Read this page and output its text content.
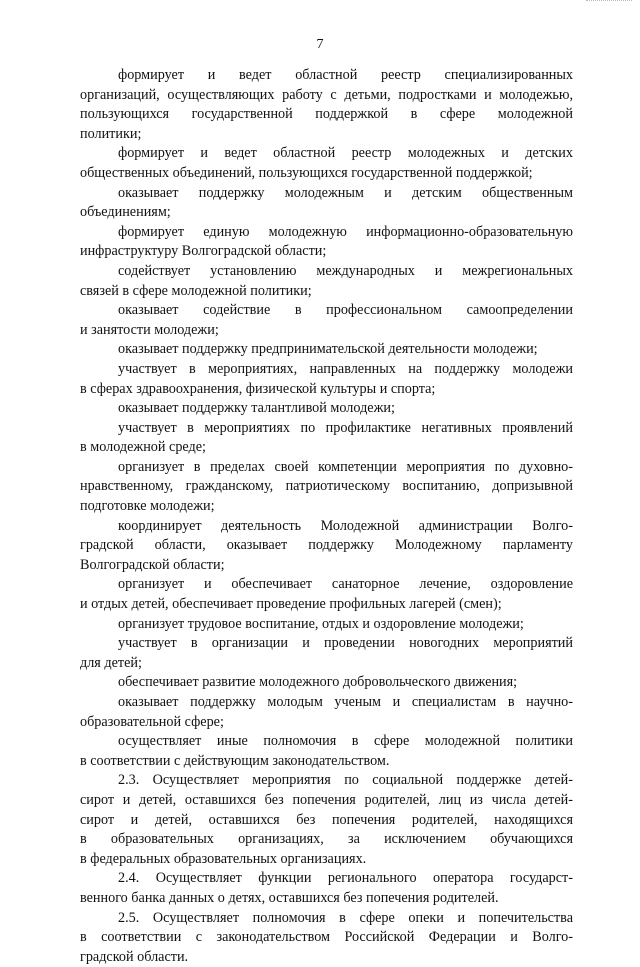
7
формирует и ведет областной реестр специализированных
организаций, осуществляющих работу с детьми, подростками и молодежью,
пользующихся государственной поддержкой в сфере молодежной
политики;
формирует и ведет областной реестр молодежных и детских
общественных объединений, пользующихся государственной поддержкой;
оказывает поддержку молодежным и детским общественным
объединениям;
формирует единую молодежную информационно-образовательную
инфраструктуру Волгоградской области;
содействует установлению международных и межрегиональных
связей в сфере молодежной политики;
оказывает содействие в профессиональном самоопределении
и занятости молодежи;
оказывает поддержку предпринимательской деятельности молодежи;
участвует в мероприятиях, направленных на поддержку молодежи
в сферах здравоохранения, физической культуры и спорта;
оказывает поддержку талантливой молодежи;
участвует в мероприятиях по профилактике негативных проявлений
в молодежной среде;
организует в пределах своей компетенции мероприятия по духовно-
нравственному, гражданскому, патриотическому воспитанию, допризывной
подготовке молодежи;
координирует деятельность Молодежной администрации Волго-
градской области, оказывает поддержку Молодежному парламенту
Волгоградской области;
организует и обеспечивает санаторное лечение, оздоровление
и отдых детей, обеспечивает проведение профильных лагерей (смен);
организует трудовое воспитание, отдых и оздоровление молодежи;
участвует в организации и проведении новогодних мероприятий
для детей;
обеспечивает развитие молодежного добровольческого движения;
оказывает поддержку молодым ученым и специалистам в научно-
образовательной сфере;
осуществляет иные полномочия в сфере молодежной политики
в соответствии с действующим законодательством.
2.3. Осуществляет мероприятия по социальной поддержке детей-
сирот и детей, оставшихся без попечения родителей, лиц из числа детей-
сирот и детей, оставшихся без попечения родителей, находящихся
в образовательных организациях, за исключением обучающихся
в федеральных образовательных организациях.
2.4. Осуществляет функции регионального оператора государст-
венного банка данных о детях, оставшихся без попечения родителей.
2.5. Осуществляет полномочия в сфере опеки и попечительства
в соответствии с законодательством Российской Федерации и Волго-
градской области.
